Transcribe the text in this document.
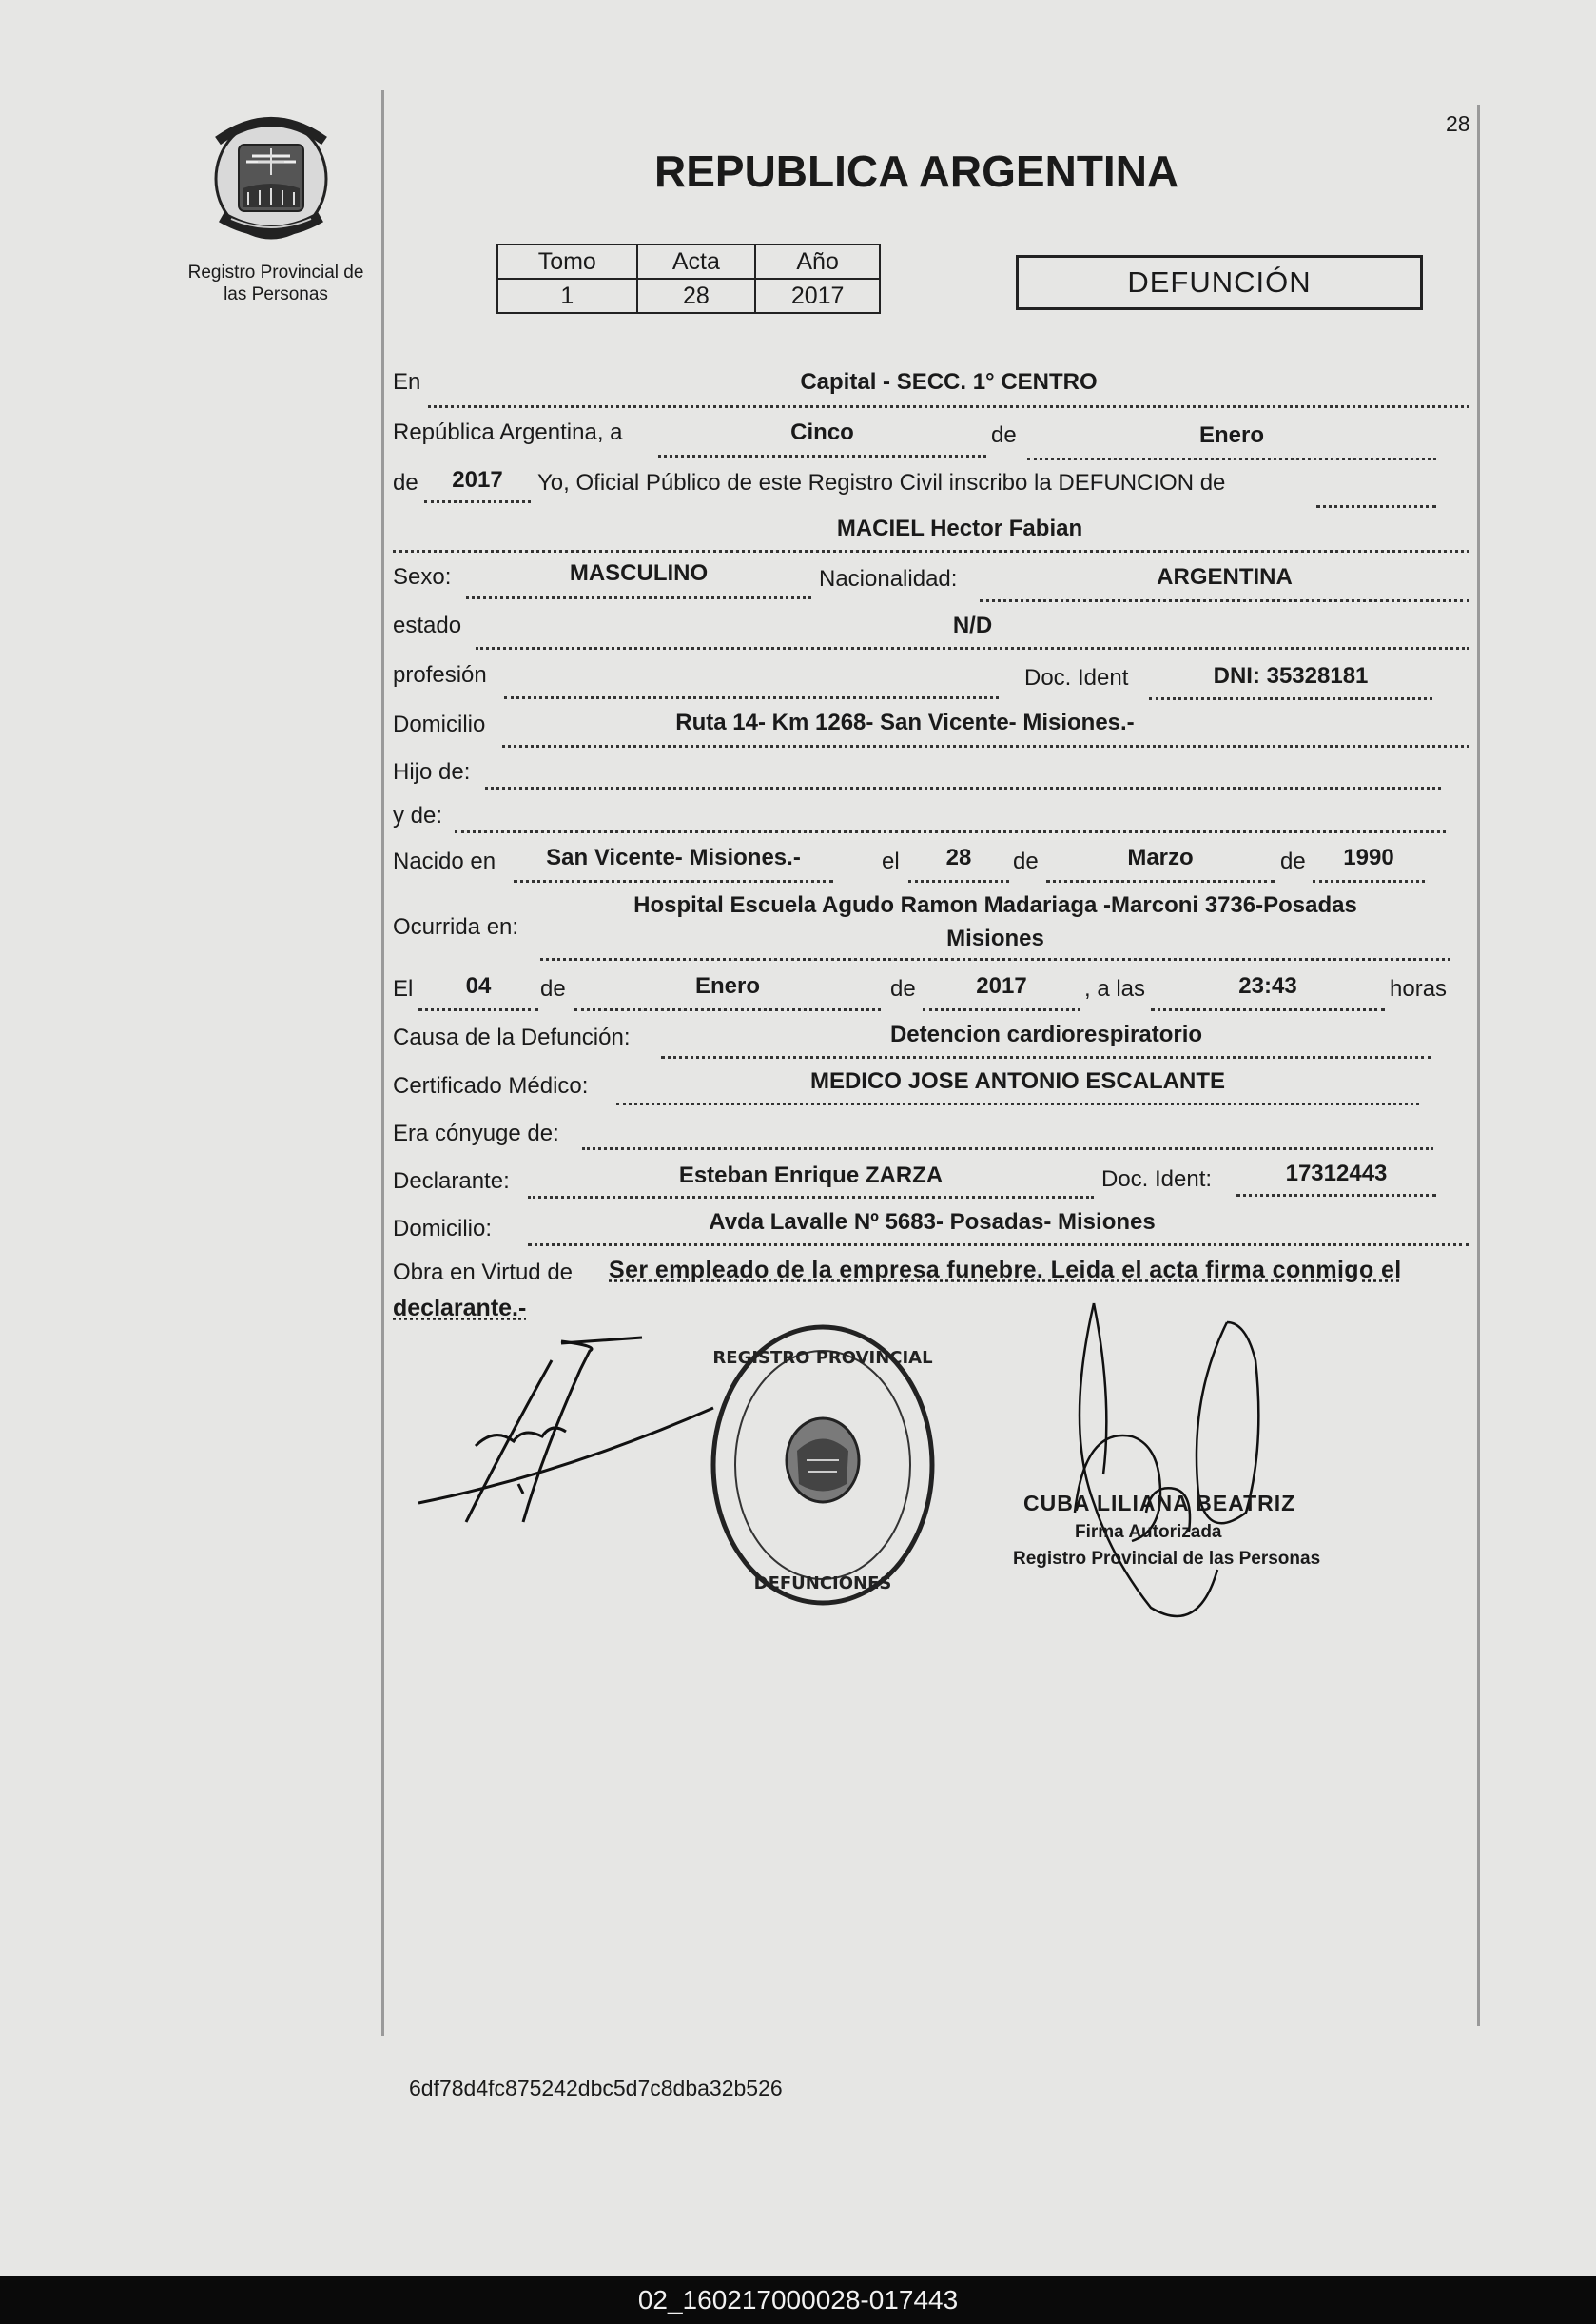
Registro Provincial de
las Personas
28
REPUBLICA ARGENTINA
Tomo	Acta	Año
1	28	2017	DEFUNCIÓN
En	Capital - SECC. 1° CENTRO
República Argentina, a	Cinco	de	Enero
de	2017	Yo, Oficial Público de este Registro Civil inscribo la DEFUNCION de
MACIEL Hector Fabian
Sexo:	MASCULINO	Nacionalidad:	ARGENTINA
estado	N/D
profesión	Doc. Ident	DNI: 35328181
Domicilio	Ruta 14- Km 1268- San Vicente- Misiones.-
Hijo de:
y de:
Nacido en	San Vicente- Misiones.-	el	28	de	Marzo	de	1990
Ocurrida en:
Hospital Escuela Agudo Ramon Madariaga -Marconi 3736-Posadas
Misiones
El	04	de	Enero	de	2017	, a las	23:43	horas
Causa de la Defunción:	Detencion cardiorespiratorio
Certificado Médico:	MEDICO JOSE ANTONIO ESCALANTE
Era cónyuge de:
Declarante:	Esteban Enrique ZARZA	Doc. Ident:	17312443
Domicilio:	Avda Lavalle Nº 5683- Posadas- Misiones
Obra en Virtud de Ser empleado de la empresa funebre. Leida el acta firma conmigo el
declarante.-
REGISTRO PROVINCIAL
DEFUNCIONES
CUBA LILIANA BEATRIZ
Firma Autorizada
Registro Provincial de las Personas
6df78d4fc875242dbc5d7c8dba32b526
02_160217000028-017443
